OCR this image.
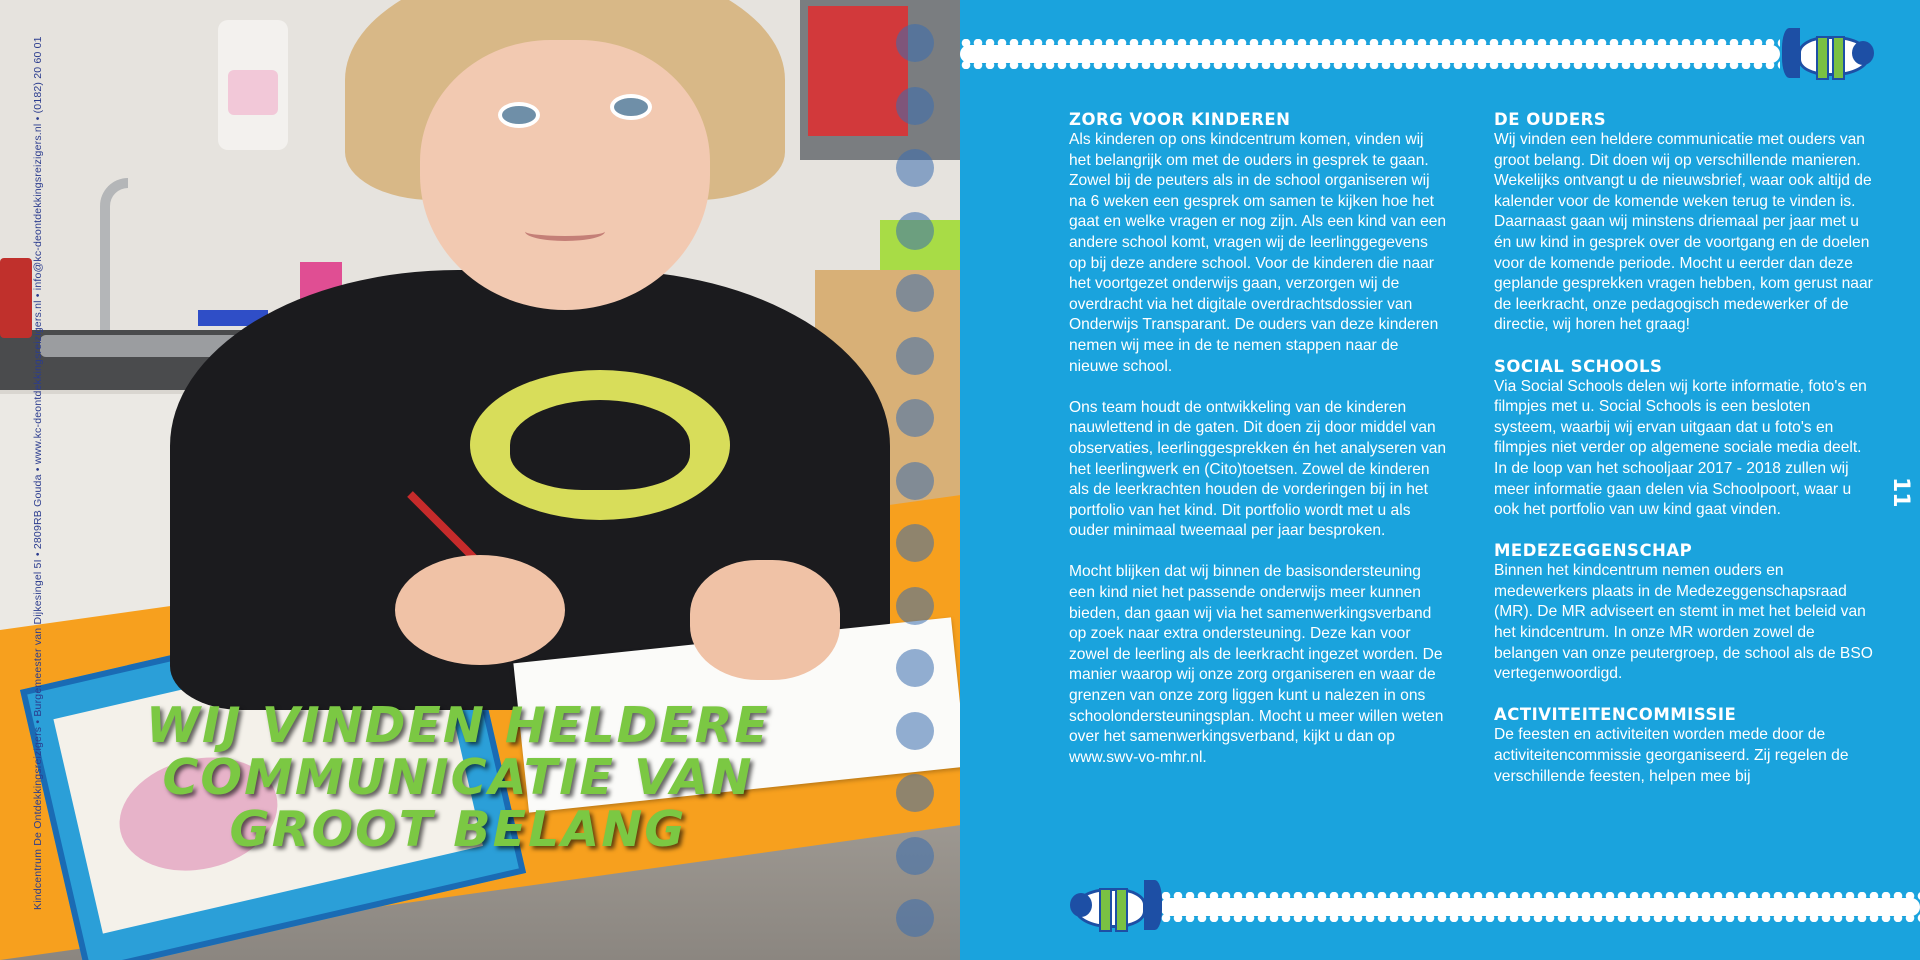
Kindcentrum De Ontdekkingsreizigers • Burgemeester van Dijkesingel 5I • 2809RB Gouda • www.kc-deontdekkingsreizigers.nl • info@kc-deontdekkingsreizigers.nl • (0182) 20 60 01	WIJ VINDEN HELDERE
COMMUNICATIE VAN
GROOT BELANG
ZORG VOOR KINDEREN

Als kinderen op ons kindcentrum komen, vinden wij het belangrijk om met de ouders in gesprek te gaan. Zowel bij de peuters als in de school organiseren wij na 6 weken een gesprek om samen te kijken hoe het gaat en welke vragen er nog zijn. Als een kind van een andere school komt, vragen wij de leerlinggegevens op bij deze andere school. Voor de kinderen die naar het voortgezet onderwijs gaan, verzorgen wij de overdracht via het digitale overdrachtsdossier van Onderwijs Transparant. De ouders van deze kinderen nemen wij mee in de te nemen stappen naar de nieuwe school.

Ons team houdt de ontwikkeling van de kinderen nauwlettend in de gaten. Dit doen zij door middel van observaties, leerlinggesprekken én het analyseren van het leerlingwerk en (Cito)toetsen. Zowel de kinderen als de leerkrachten houden de vorderingen bij in het portfolio van het kind. Dit portfolio wordt met u als ouder minimaal tweemaal per jaar besproken.

Mocht blijken dat wij binnen de basisondersteuning een kind niet het passende onderwijs meer kunnen bieden, dan gaan wij via het samenwerkingsverband op zoek naar extra ondersteuning. Deze kan voor zowel de leerling als de leerkracht ingezet worden. De manier waarop wij onze zorg organiseren en waar de grenzen van onze zorg liggen kunt u nalezen in ons schoolondersteuningsplan. Mocht u meer willen weten over het samenwerkingsverband, kijkt u dan op www.swv-vo-mhr.nl.

DE OUDERS

Wij vinden een heldere communicatie met ouders van groot belang. Dit doen wij op verschillende manieren. Wekelijks ontvangt u de nieuwsbrief, waar ook altijd de kalender voor de komende weken terug te vinden is. Daarnaast gaan wij minstens driemaal per jaar met u én uw kind in gesprek over de voortgang en de doelen voor de komende periode. Mocht u eerder dan deze geplande gesprekken vragen hebben, kom gerust naar de leerkracht, onze pedagogisch medewerker of de directie, wij horen het graag!

SOCIAL SCHOOLS

Via Social Schools delen wij korte informatie, foto's en filmpjes met u. Social Schools is een besloten systeem, waarbij wij ervan uitgaan dat u foto's en filmpjes niet verder op algemene sociale media deelt. In de loop van het schooljaar 2017 - 2018 zullen wij meer informatie gaan delen via Schoolpoort, waar u ook het portfolio van uw kind gaat vinden.

MEDEZEGGENSCHAP

Binnen het kindcentrum nemen ouders en medewerkers plaats in de Medezeggenschapsraad (MR). De MR adviseert en stemt in met het beleid van het kindcentrum. In onze MR worden zowel de belangen van onze peutergroep, de school als de BSO vertegenwoordigd.

ACTIVITEITENCOMMISSIE

De feesten en activiteiten worden mede door de activiteitencommissie georganiseerd. Zij regelen de verschillende feesten, helpen mee bij

11
